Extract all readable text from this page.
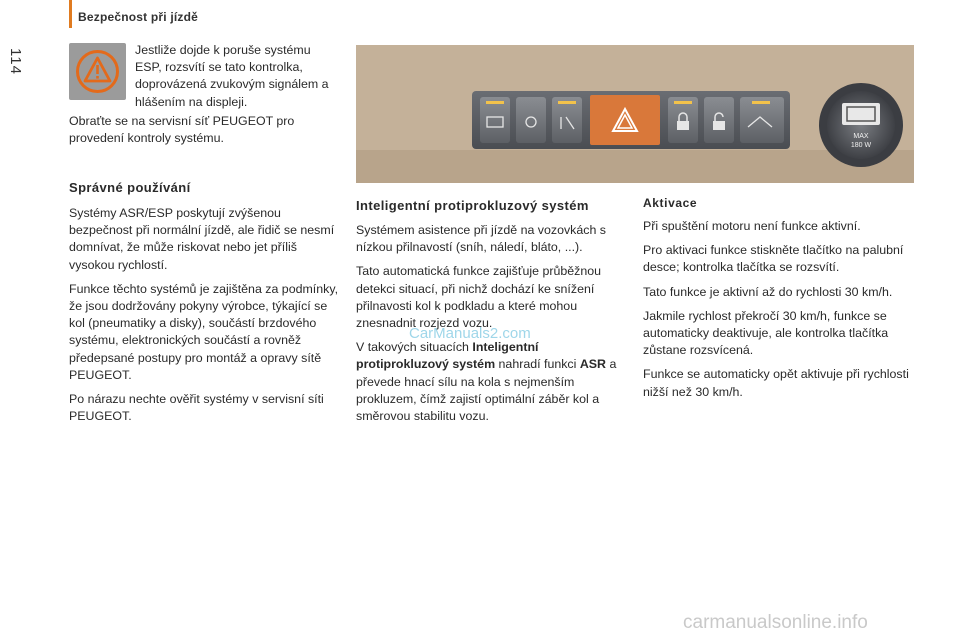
Bezpečnost při jízdě
114	Jestliže dojde k poruše systému ESP, rozsvítí se tato kontrolka, doprovázená zvukovým signálem a hlášením na displeji.
Obraťte se na servisní síť PEUGEOT pro provedení kontroly systému.
Správné používání

Systémy ASR/ESP poskytují zvýšenou bezpečnost při normální jízdě, ale řidič se nesmí domnívat, že může riskovat nebo jet příliš vysokou rychlostí.

Funkce těchto systémů je zajištěna za podmínky, že jsou dodržovány pokyny výrobce, týkající se kol (pneumatiky a disky), součástí brzdového systému, elektronických součástí a rovněž předepsané postupy pro montáž a opravy sítě PEUGEOT.

Po nárazu nechte ověřit systémy v servisní síti PEUGEOT.

MAX
180 W
Inteligentní protiprokluzový systém

Systémem asistence při jízdě na vozovkách s nízkou přilnavostí (sníh, náledí, bláto, ...).

Tato automatická funkce zajišťuje průběžnou detekci situací, při nichž dochází ke snížení přilnavosti kol k podkladu a které mohou znesnadnit rozjezd vozu.

V takových situacích Inteligentní protiprokluzový systém nahradí funkci ASR a převede hnací sílu na kola s nejmenším prokluzem, čímž zajistí optimální záběr kol a směrovou stabilitu vozu.

Aktivace

Při spuštění motoru není funkce aktivní.

Pro aktivaci funkce stiskněte tlačítko na palubní desce; kontrolka tlačítka se rozsvítí.

Tato funkce je aktivní až do rychlosti 30 km/h.

Jakmile rychlost překročí 30 km/h, funkce se automaticky deaktivuje, ale kontrolka tlačítka zůstane rozsvícená.

Funkce se automaticky opět aktivuje při rychlosti nižší než 30 km/h.

CarManuals2.com
carmanualsonline.info
